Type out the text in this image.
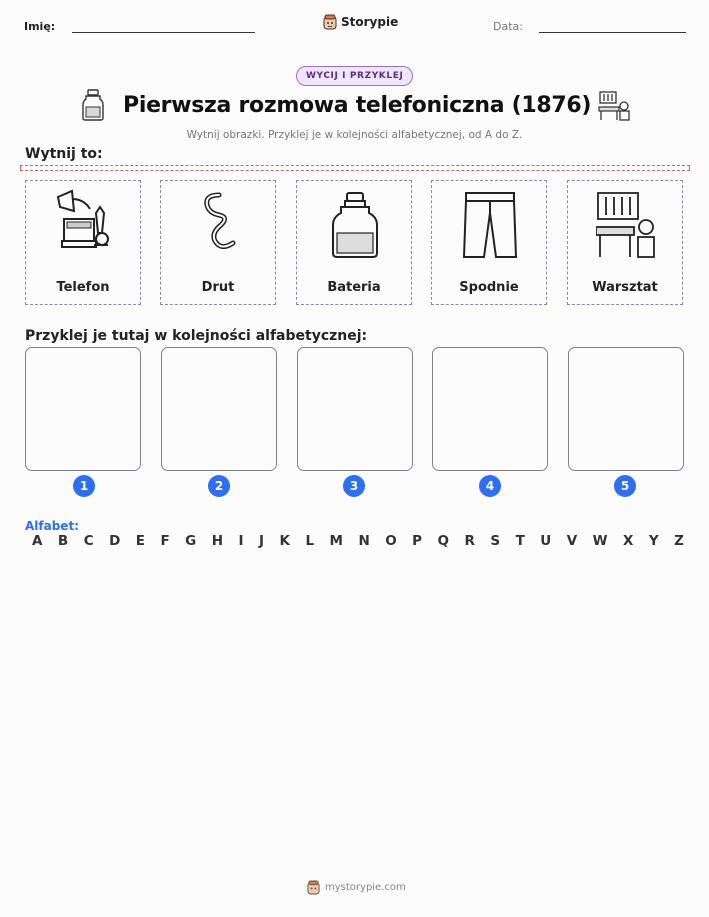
Imię:	Storypie	Data:
WYCIJ I PRZYKLEJ
Pierwsza rozmowa telefoniczna (1876)
Wytnij obrazki. Przyklej je w kolejności alfabetycznej, od A do Z.
Wytnij to:
Telefon	Drut	Bateria	Spodnie	Warsztat
Przyklej je tutaj w kolejności alfabetycznej:
1	2	3	4	5
Alfabet:
A B C D E F G H I J K L M N O P Q R S T U V W X Y Z
mystorypie.com
